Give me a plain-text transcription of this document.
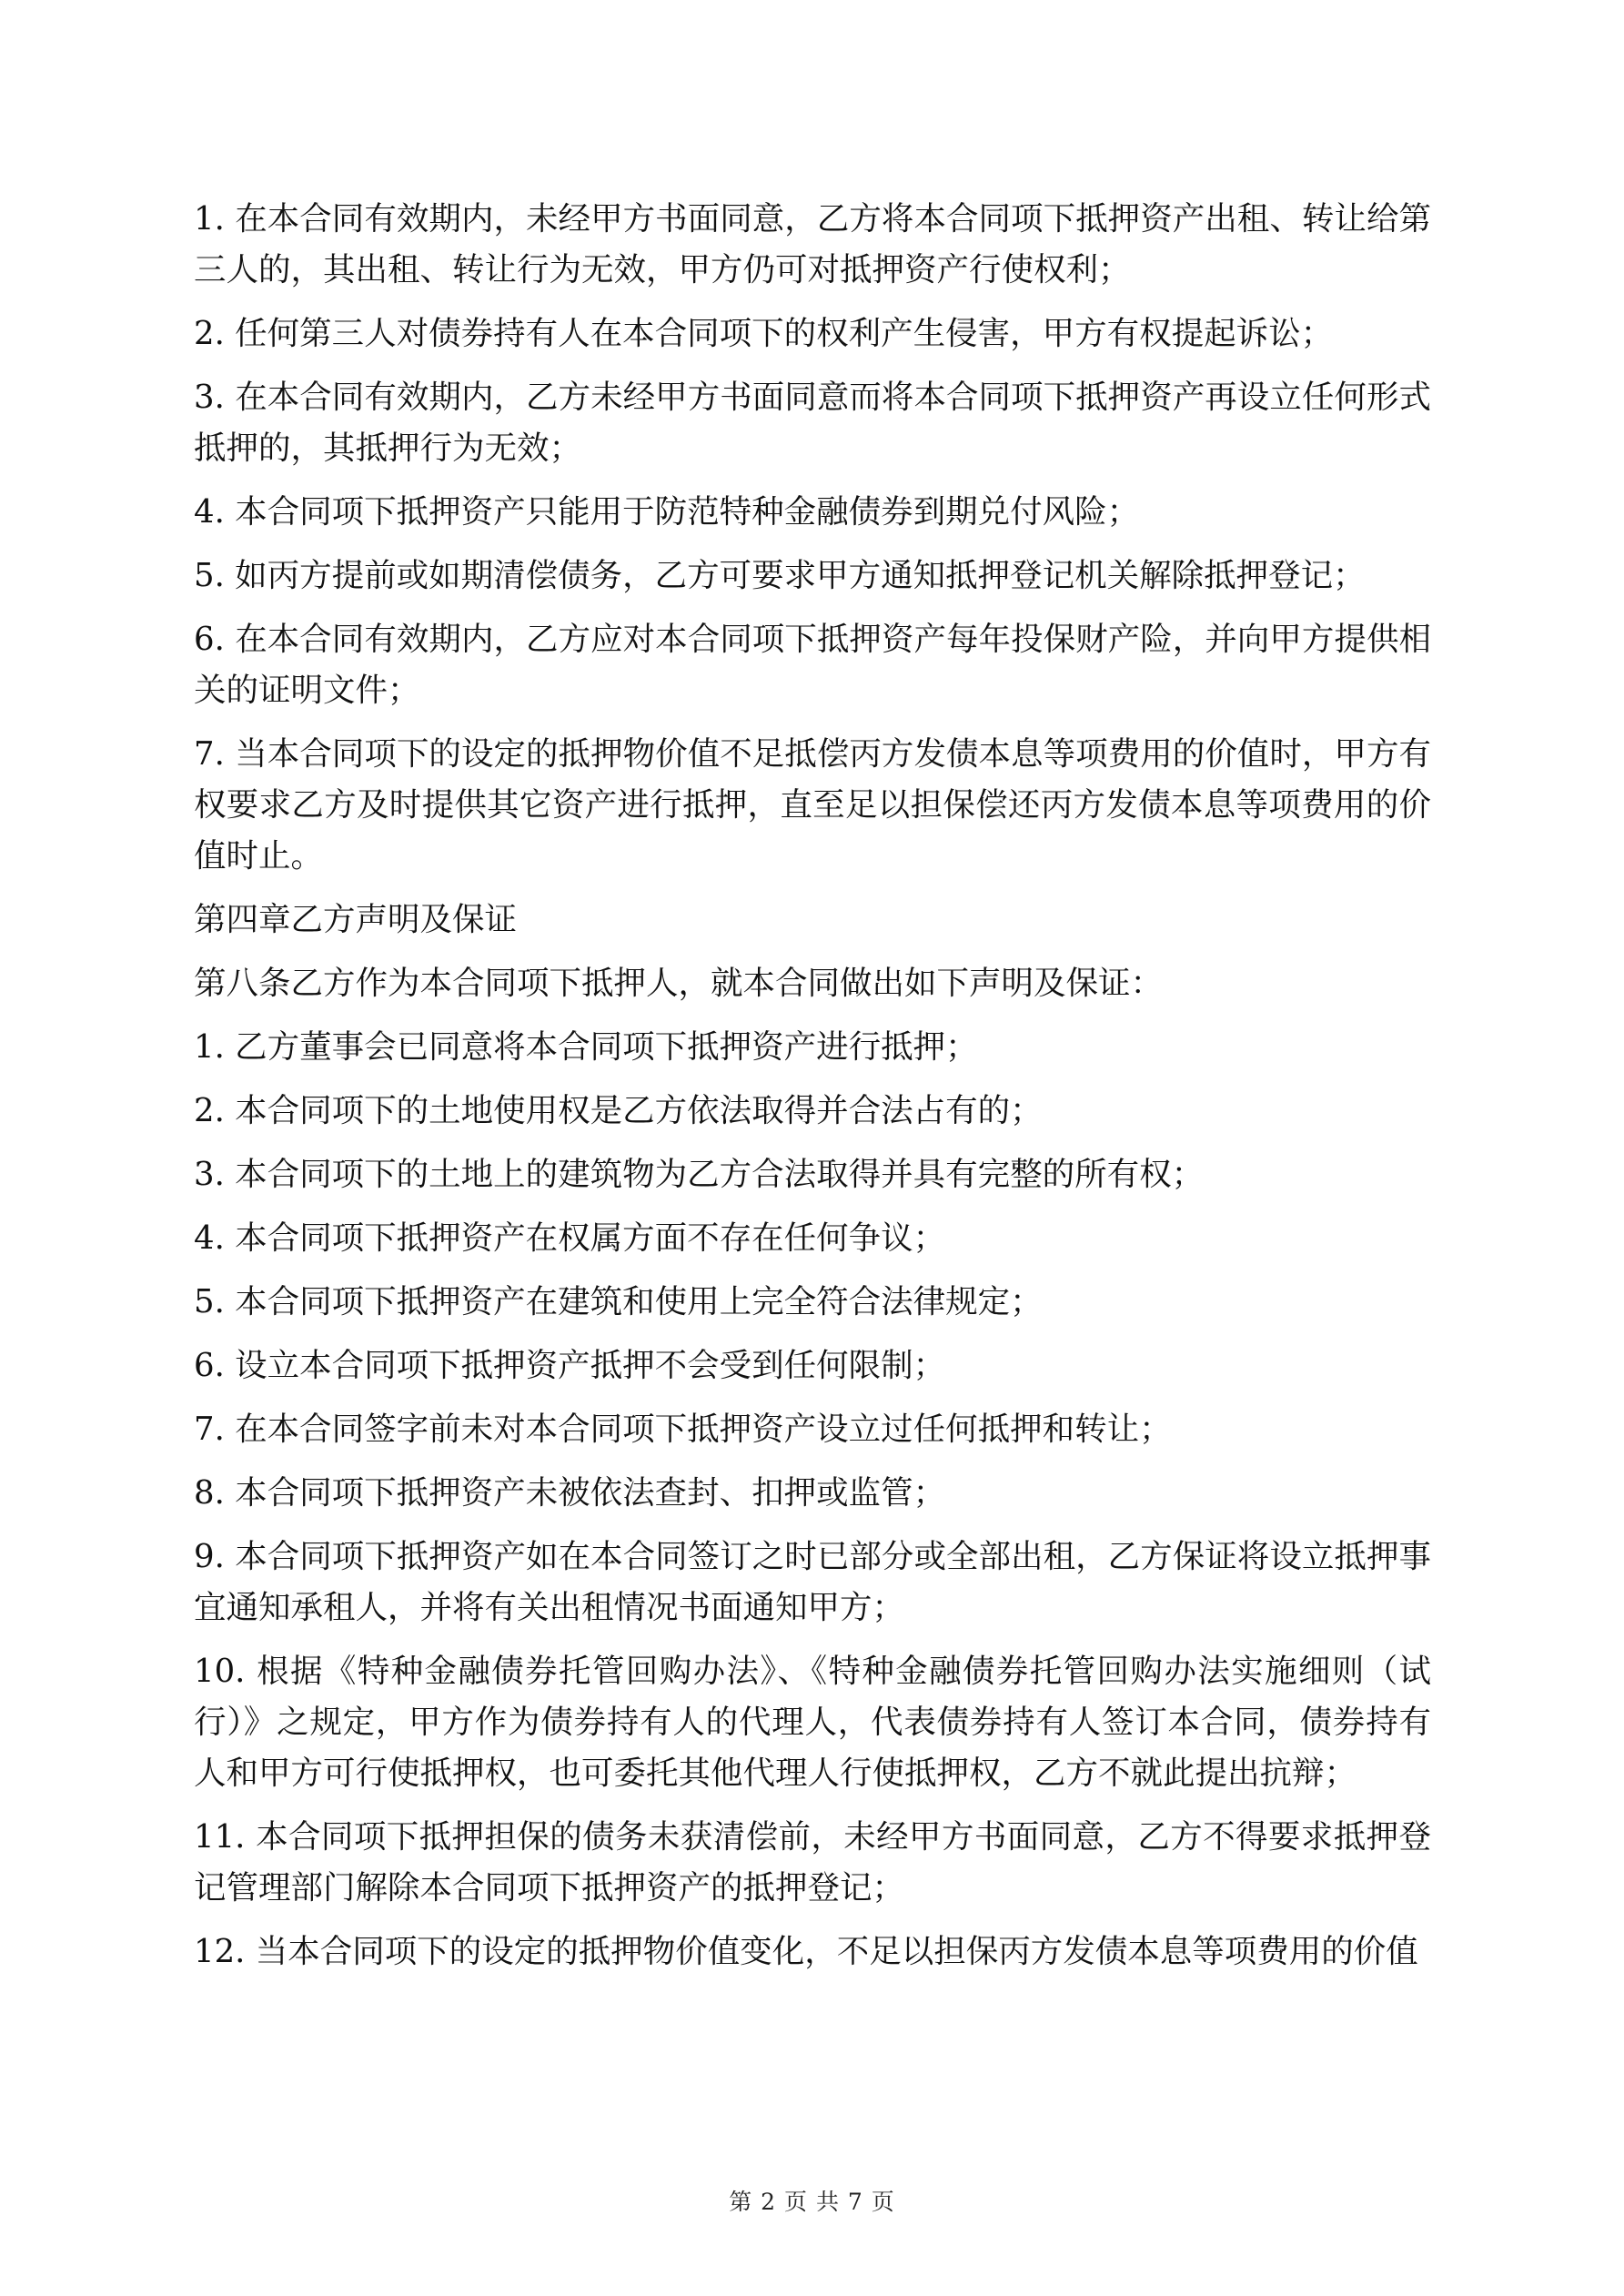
1. 在本合同有效期内，未经甲方书面同意，乙方将本合同项下抵押资产出租、转让给第三人的，其出租、转让行为无效，甲方仍可对抵押资产行使权利；

2. 任何第三人对债券持有人在本合同项下的权利产生侵害，甲方有权提起诉讼；

3. 在本合同有效期内，乙方未经甲方书面同意而将本合同项下抵押资产再设立任何形式抵押的，其抵押行为无效；

4. 本合同项下抵押资产只能用于防范特种金融债券到期兑付风险；

5. 如丙方提前或如期清偿债务，乙方可要求甲方通知抵押登记机关解除抵押登记；

6. 在本合同有效期内，乙方应对本合同项下抵押资产每年投保财产险，并向甲方提供相关的证明文件；

7. 当本合同项下的设定的抵押物价值不足抵偿丙方发债本息等项费用的价值时，甲方有权要求乙方及时提供其它资产进行抵押，直至足以担保偿还丙方发债本息等项费用的价值时止。

第四章乙方声明及保证

第八条乙方作为本合同项下抵押人，就本合同做出如下声明及保证：

1. 乙方董事会已同意将本合同项下抵押资产进行抵押；

2. 本合同项下的土地使用权是乙方依法取得并合法占有的；

3. 本合同项下的土地上的建筑物为乙方合法取得并具有完整的所有权；

4. 本合同项下抵押资产在权属方面不存在任何争议；

5. 本合同项下抵押资产在建筑和使用上完全符合法律规定；

6. 设立本合同项下抵押资产抵押不会受到任何限制；

7. 在本合同签字前未对本合同项下抵押资产设立过任何抵押和转让；

8. 本合同项下抵押资产未被依法查封、扣押或监管；

9. 本合同项下抵押资产如在本合同签订之时已部分或全部出租，乙方保证将设立抵押事宜通知承租人，并将有关出租情况书面通知甲方；

10. 根据《特种金融债券托管回购办法》、《特种金融债券托管回购办法实施细则（试行）》之规定，甲方作为债券持有人的代理人，代表债券持有人签订本合同，债券持有人和甲方可行使抵押权，也可委托其他代理人行使抵押权，乙方不就此提出抗辩；

11. 本合同项下抵押担保的债务未获清偿前，未经甲方书面同意，乙方不得要求抵押登记管理部门解除本合同项下抵押资产的抵押登记；

12. 当本合同项下的设定的抵押物价值变化，不足以担保丙方发债本息等项费用的价值

第 2 页 共 7 页
